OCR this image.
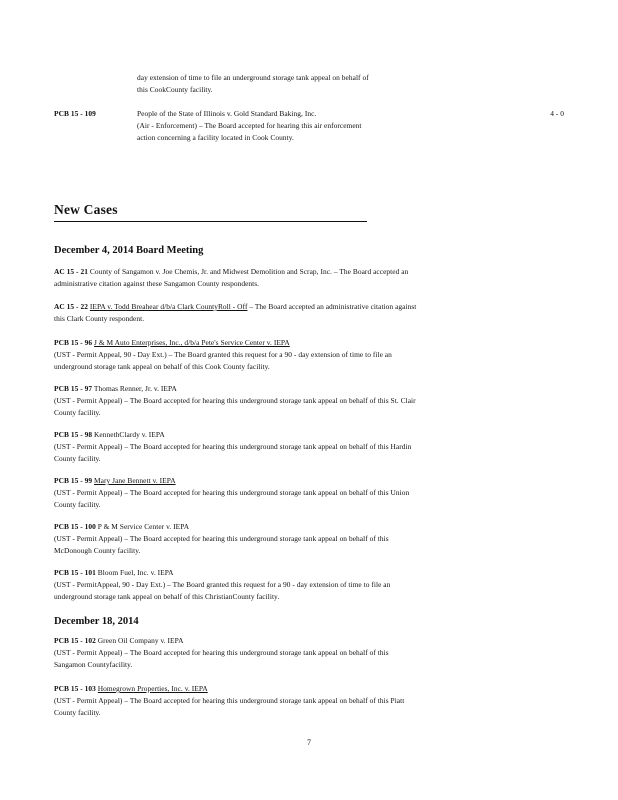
day extension of time to file an underground storage tank appeal on behalf of
this CookCounty facility.
PCB 15 - 109	People of the State of Illinois v. Gold Standard Baking, Inc.
(Air - Enforcement) – The Board accepted for hearing this air enforcement
action concerning a facility located in Cook County.
4 - 0
New Cases
December 4, 2014 Board Meeting
AC 15 - 21 County of Sangamon v. Joe Chemis, Jr. and Midwest Demolition and Scrap, Inc. – The Board accepted an
administrative citation against these Sangamon County respondents.
AC 15 - 22 IEPA v. Todd Breahear d/b/a Clark CountyRoll - Off – The Board accepted an administrative citation against
this Clark County respondent.
PCB 15 - 96 J & M Auto Enterprises, Inc., d/b/a Pete's Service Center v. IEPA
(UST - Permit Appeal, 90 - Day Ext.) – The Board granted this request for a 90 - day extension of time to file an
underground storage tank appeal on behalf of this Cook County facility.
PCB 15 - 97 Thomas Renner, Jr. v. IEPA
(UST - Permit Appeal) – The Board accepted for hearing this underground storage tank appeal on behalf of this St. Clair
County facility.
PCB 15 - 98 KennethClardy v. IEPA
(UST - Permit Appeal) – The Board accepted for hearing this underground storage tank appeal on behalf of this Hardin
County facility.
PCB 15 - 99 Mary Jane Bennett v. IEPA
(UST - Permit Appeal) – The Board accepted for hearing this underground storage tank appeal on behalf of this Union
County facility.
PCB 15 - 100 P & M Service Center v. IEPA
(UST - Permit Appeal) – The Board accepted for hearing this underground storage tank appeal on behalf of this
McDonough County facility.
PCB 15 - 101 Bloom Fuel, Inc. v. IEPA
(UST - PermitAppeal, 90 - Day Ext.) – The Board granted this request for a 90 - day extension of time to file an
underground storage tank appeal on behalf of this ChristianCounty facility.
December 18, 2014
PCB 15 - 102 Green Oil Company v. IEPA
(UST - Permit Appeal) – The Board accepted for hearing this underground storage tank appeal on behalf of this
Sangamon Countyfacility.
PCB 15 - 103 Homegrown Properties, Inc. v. IEPA
(UST - Permit Appeal) – The Board accepted for hearing this underground storage tank appeal on behalf of this Piatt
County facility.
7
